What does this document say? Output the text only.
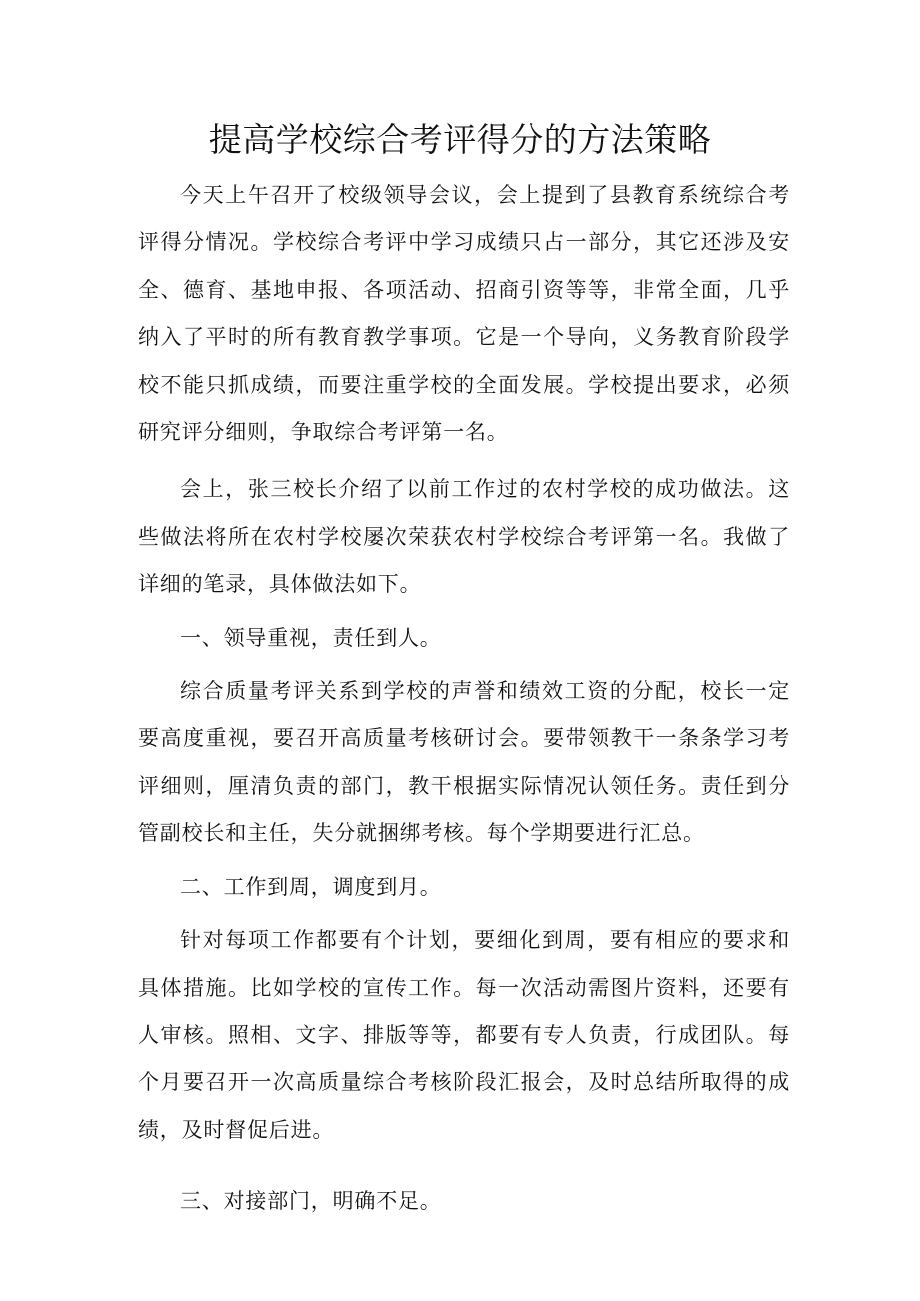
提高学校综合考评得分的方法策略

今天上午召开了校级领导会议，会上提到了县教育系统综合考评得分情况。学校综合考评中学习成绩只占一部分，其它还涉及安全、德育、基地申报、各项活动、招商引资等等，非常全面，几乎纳入了平时的所有教育教学事项。它是一个导向，义务教育阶段学校不能只抓成绩，而要注重学校的全面发展。学校提出要求，必须研究评分细则，争取综合考评第一名。

会上，张三校长介绍了以前工作过的农村学校的成功做法。这些做法将所在农村学校屡次荣获农村学校综合考评第一名。我做了详细的笔录，具体做法如下。

一、领导重视，责任到人。

综合质量考评关系到学校的声誉和绩效工资的分配，校长一定要高度重视，要召开高质量考核研讨会。要带领教干一条条学习考评细则，厘清负责的部门，教干根据实际情况认领任务。责任到分管副校长和主任，失分就捆绑考核。每个学期要进行汇总。

二、工作到周，调度到月。

针对每项工作都要有个计划，要细化到周，要有相应的要求和具体措施。比如学校的宣传工作。每一次活动需图片资料，还要有人审核。照相、文字、排版等等，都要有专人负责，行成团队。每个月要召开一次高质量综合考核阶段汇报会，及时总结所取得的成绩，及时督促后进。

三、对接部门，明确不足。
